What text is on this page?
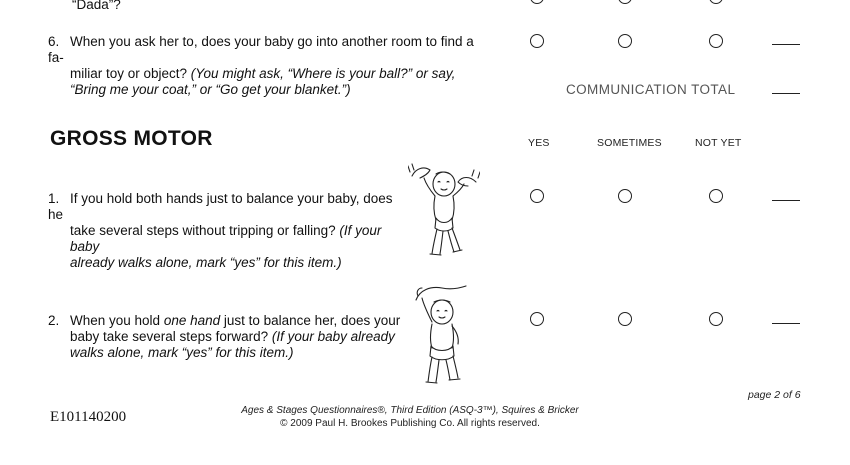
“Dada”?
6. When you ask her to, does your baby go into another room to find a fa-
miliar toy or object? (You might ask, “Where is your ball?” or say,
“Bring me your coat,” or “Go get your blanket.”)	COMMUNICATION TOTAL
GROSS MOTOR	YES	SOMETIMES	NOT YET
1. If you hold both hands just to balance your baby, does he
take several steps without tripping or falling? (If your baby
already walks alone, mark “yes” for this item.)
2. When you hold one hand just to balance her, does your
baby take several steps forward? (If your baby already
walks alone, mark “yes” for this item.)
page 2 of 6
E101140200	Ages & Stages Questionnaires®, Third Edition (ASQ-3™), Squires & Bricker
© 2009 Paul H. Brookes Publishing Co. All rights reserved.
